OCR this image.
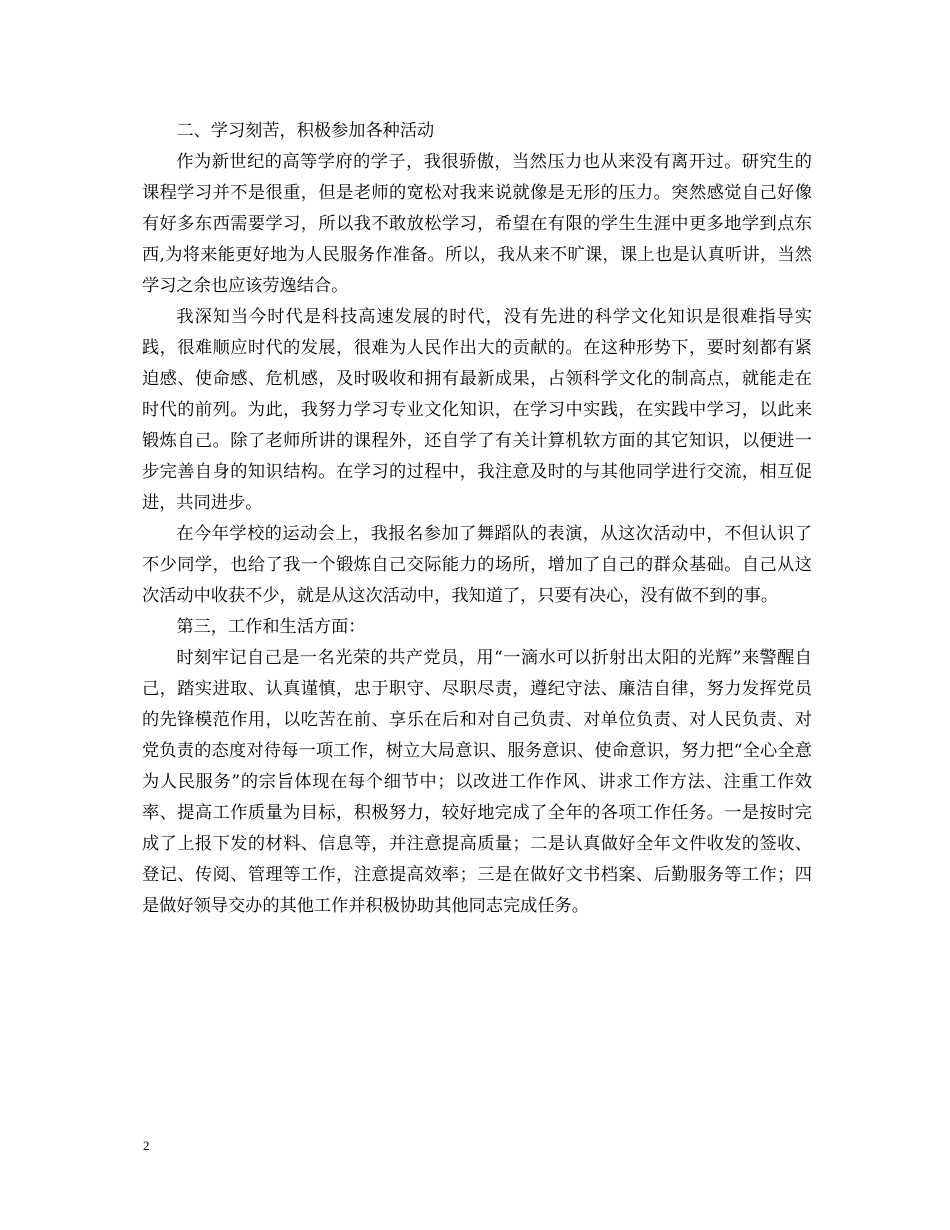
二、学习刻苦，积极参加各种活动

作为新世纪的高等学府的学子，我很骄傲，当然压力也从来没有离开过。研究生的课程学习并不是很重，但是老师的宽松对我来说就像是无形的压力。突然感觉自己好像有好多东西需要学习，所以我不敢放松学习，希望在有限的学生生涯中更多地学到点东西,为将来能更好地为人民服务作准备。所以，我从来不旷课，课上也是认真听讲，当然学习之余也应该劳逸结合。

我深知当今时代是科技高速发展的时代，没有先进的科学文化知识是很难指导实践，很难顺应时代的发展，很难为人民作出大的贡献的。在这种形势下，要时刻都有紧迫感、使命感、危机感，及时吸收和拥有最新成果，占领科学文化的制高点，就能走在时代的前列。为此，我努力学习专业文化知识，在学习中实践，在实践中学习，以此来锻炼自己。除了老师所讲的课程外，还自学了有关计算机软方面的其它知识，以便进一步完善自身的知识结构。在学习的过程中，我注意及时的与其他同学进行交流，相互促进，共同进步。

在今年学校的运动会上，我报名参加了舞蹈队的表演，从这次活动中，不但认识了不少同学，也给了我一个锻炼自己交际能力的场所，增加了自己的群众基础。自己从这次活动中收获不少，就是从这次活动中，我知道了，只要有决心，没有做不到的事。

第三，工作和生活方面：

时刻牢记自己是一名光荣的共产党员，用“一滴水可以折射出太阳的光辉”来警醒自己，踏实进取、认真谨慎，忠于职守、尽职尽责，遵纪守法、廉洁自律，努力发挥党员的先锋模范作用，以吃苦在前、享乐在后和对自己负责、对单位负责、对人民负责、对党负责的态度对待每一项工作，树立大局意识、服务意识、使命意识，努力把“全心全意为人民服务”的宗旨体现在每个细节中；以改进工作作风、讲求工作方法、注重工作效率、提高工作质量为目标，积极努力，较好地完成了全年的各项工作任务。一是按时完成了上报下发的材料、信息等，并注意提高质量；二是认真做好全年文件收发的签收、登记、传阅、管理等工作，注意提高效率；三是在做好文书档案、后勤服务等工作；四是做好领导交办的其他工作并积极协助其他同志完成任务。

2
